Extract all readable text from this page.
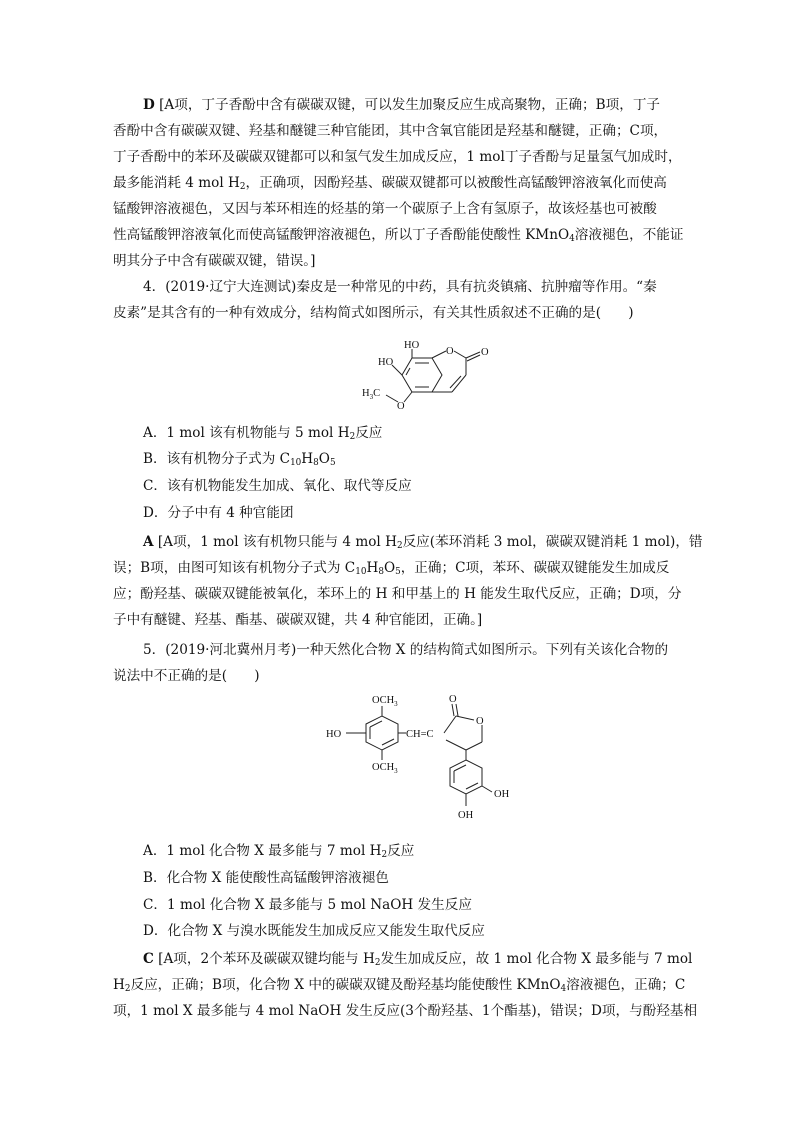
D [A项，丁子香酚中含有碳碳双键，可以发生加聚反应生成高聚物，正确；B项，丁子
香酚中含有碳碳双键、羟基和醚键三种官能团，其中含氧官能团是羟基和醚键，正确；C项，
丁子香酚中的苯环及碳碳双键都可以和氢气发生加成反应，1 mol丁子香酚与足量氢气加成时，
最多能消耗 4 mol $H_2$，正确项，因酚羟基、碳碳双键都可以被酸性高锰酸钾溶液氧化而使高
锰酸钾溶液褪色，又因与苯环相连的烃基的第一个碳原子上含有氢原子，故该烃基也可被酸
性高锰酸钾溶液氧化而使高锰酸钾溶液褪色，所以丁子香酚能使酸性 KMnO$_4$溶液褪色，不能证
明其分子中含有碳碳双键，错误。]
4．(2019·辽宁大连测试)秦皮是一种常见的中药，具有抗炎镇痛、抗肿瘤等作用。“秦
皮素”是其含有的一种有效成分，结构简式如图所示，有关其性质叙述不正确的是(　　)
HO
HO
O	O
O
$H_3C$
A．1 mol 该有机物能与 5 mol $H_2$反应
B．该有机物分子式为 $C_{10}H_8O_5$
C．该有机物能发生加成、氧化、取代等反应
D．分子中有 4 种官能团
A [A项，1 mol 该有机物只能与 4 mol $H_2$反应(苯环消耗 3 mol，碳碳双键消耗 1 mol)，错
误；B项，由图可知该有机物分子式为 $C_{10}H_8O_5$，正确；C项，苯环、碳碳双键能发生加成反
应；酚羟基、碳碳双键能被氧化，苯环上的 H 和甲基上的 H 能发生取代反应，正确；D项，分
子中有醚键、羟基、酯基、碳碳双键，共 4 种官能团，正确。]
5．(2019·河北冀州月考)一种天然化合物 X 的结构简式如图所示。下列有关该化合物的
说法中不正确的是(　　)
$OCH_3$
$OCH_3$
HO	CH=C
O
O
OH
OH
A．1 mol 化合物 X 最多能与 7 mol $H_2$反应
B．化合物 X 能使酸性高锰酸钾溶液褪色
C．1 mol 化合物 X 最多能与 5 mol NaOH 发生反应
D．化合物 X 与溴水既能发生加成反应又能发生取代反应
C [A项，2个苯环及碳碳双键均能与 $H_2$发生加成反应，故 1 mol 化合物 X 最多能与 7 mol
$H_2$反应，正确；B项，化合物 X 中的碳碳双键及酚羟基均能使酸性 KMnO$_4$溶液褪色，正确；C
项，1 mol X 最多能与 4 mol NaOH 发生反应(3个酚羟基、1个酯基)，错误；D项，与酚羟基相
